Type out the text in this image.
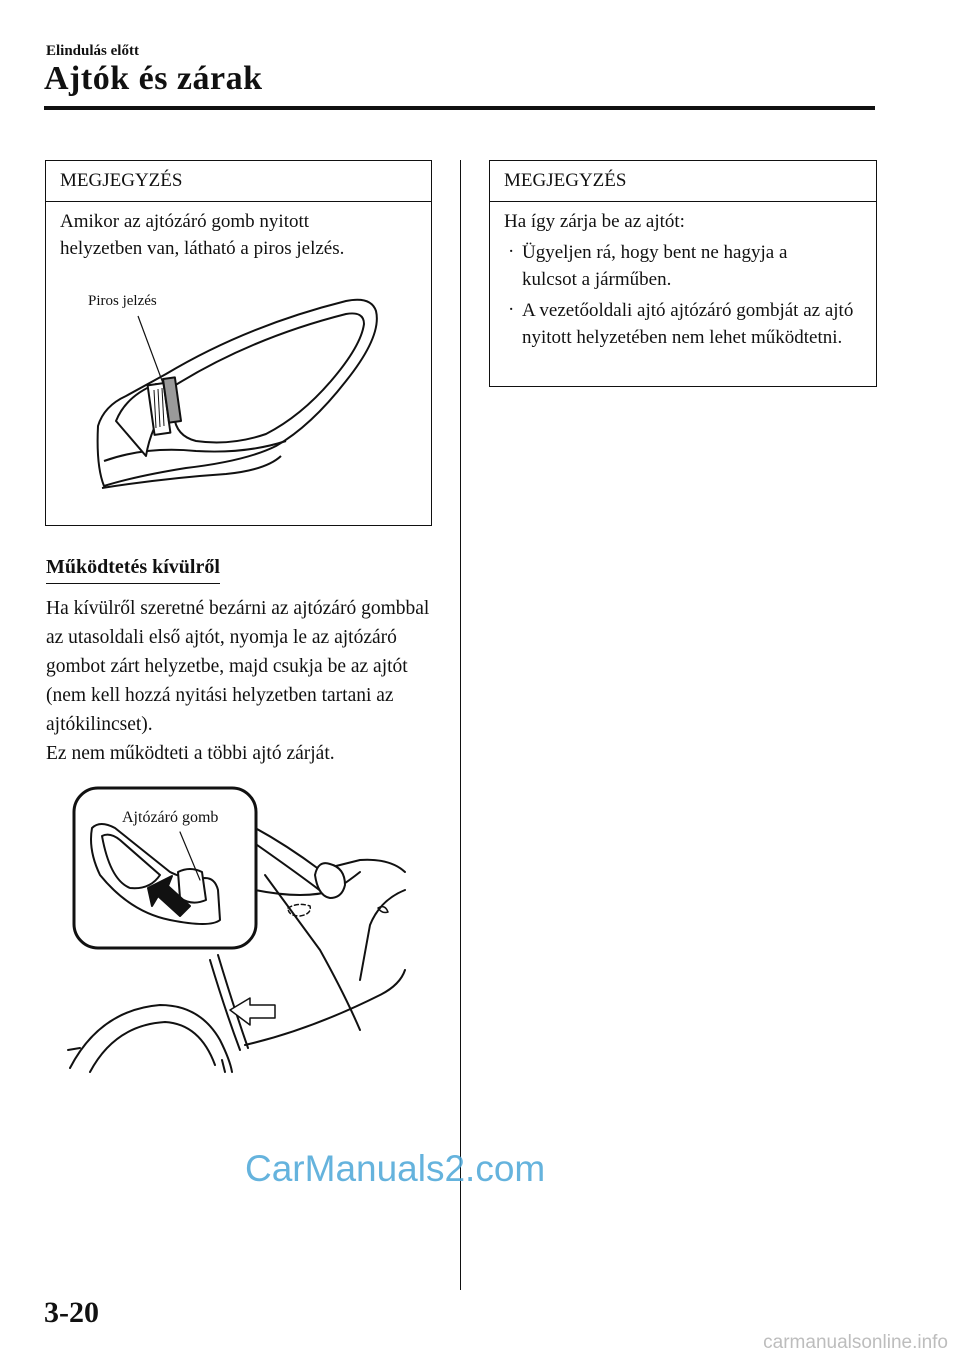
Elindulás előtt
Ajtók és zárak
MEGJEGYZÉS
Amikor az ajtózáró gomb nyitott helyzetben van, látható a piros jelzés.
Piros jelzés
Működtetés kívülről
Ha kívülről szeretné bezárni az ajtózáró gombbal az utasoldali első ajtót, nyomja le az ajtózáró gombot zárt helyzetbe, majd csukja be az ajtót (nem kell hozzá nyitási helyzetben tartani az ajtókilincset).
Ez nem működteti a többi ajtó zárját.
Ajtózáró gomb
MEGJEGYZÉS
Ha így zárja be az ajtót:
· Ügyeljen rá, hogy bent ne hagyja a kulcsot a járműben.
· A vezetőoldali ajtó ajtózáró gombját az ajtó nyitott helyzetében nem lehet működtetni.
3-20
CarManuals2.com
carmanualsonline.info
